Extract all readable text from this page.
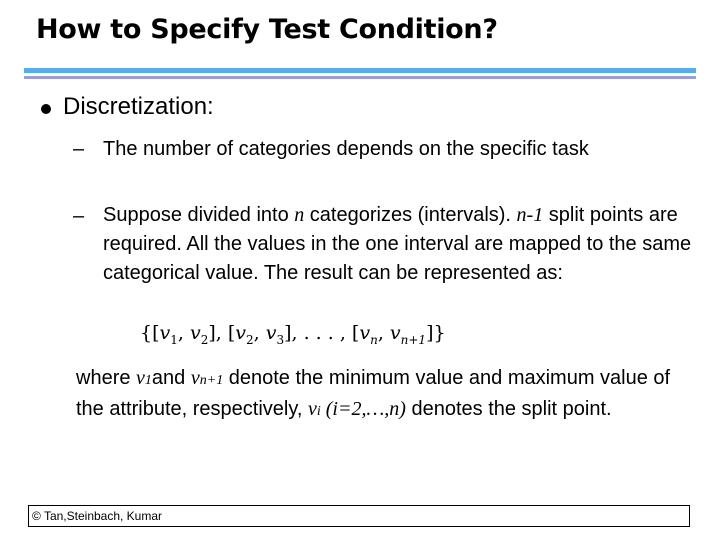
How to Specify Test Condition?
Discretization:
– The number of categories depends on the specific task
– Suppose divided into n categorizes (intervals). n-1 split points are required. All the values in the one interval are mapped to the same categorical value. The result can be represented as:
{[$v_1$, $v_2$], [$v_2$, $v_3$], . . . , [$v_n$, $v_{n+1}$]}
where v1and vn+1 denote the minimum value and maximum value of the attribute, respectively, vi (i=2,…,n) denotes the split point.
© Tan,Steinbach, Kumar
